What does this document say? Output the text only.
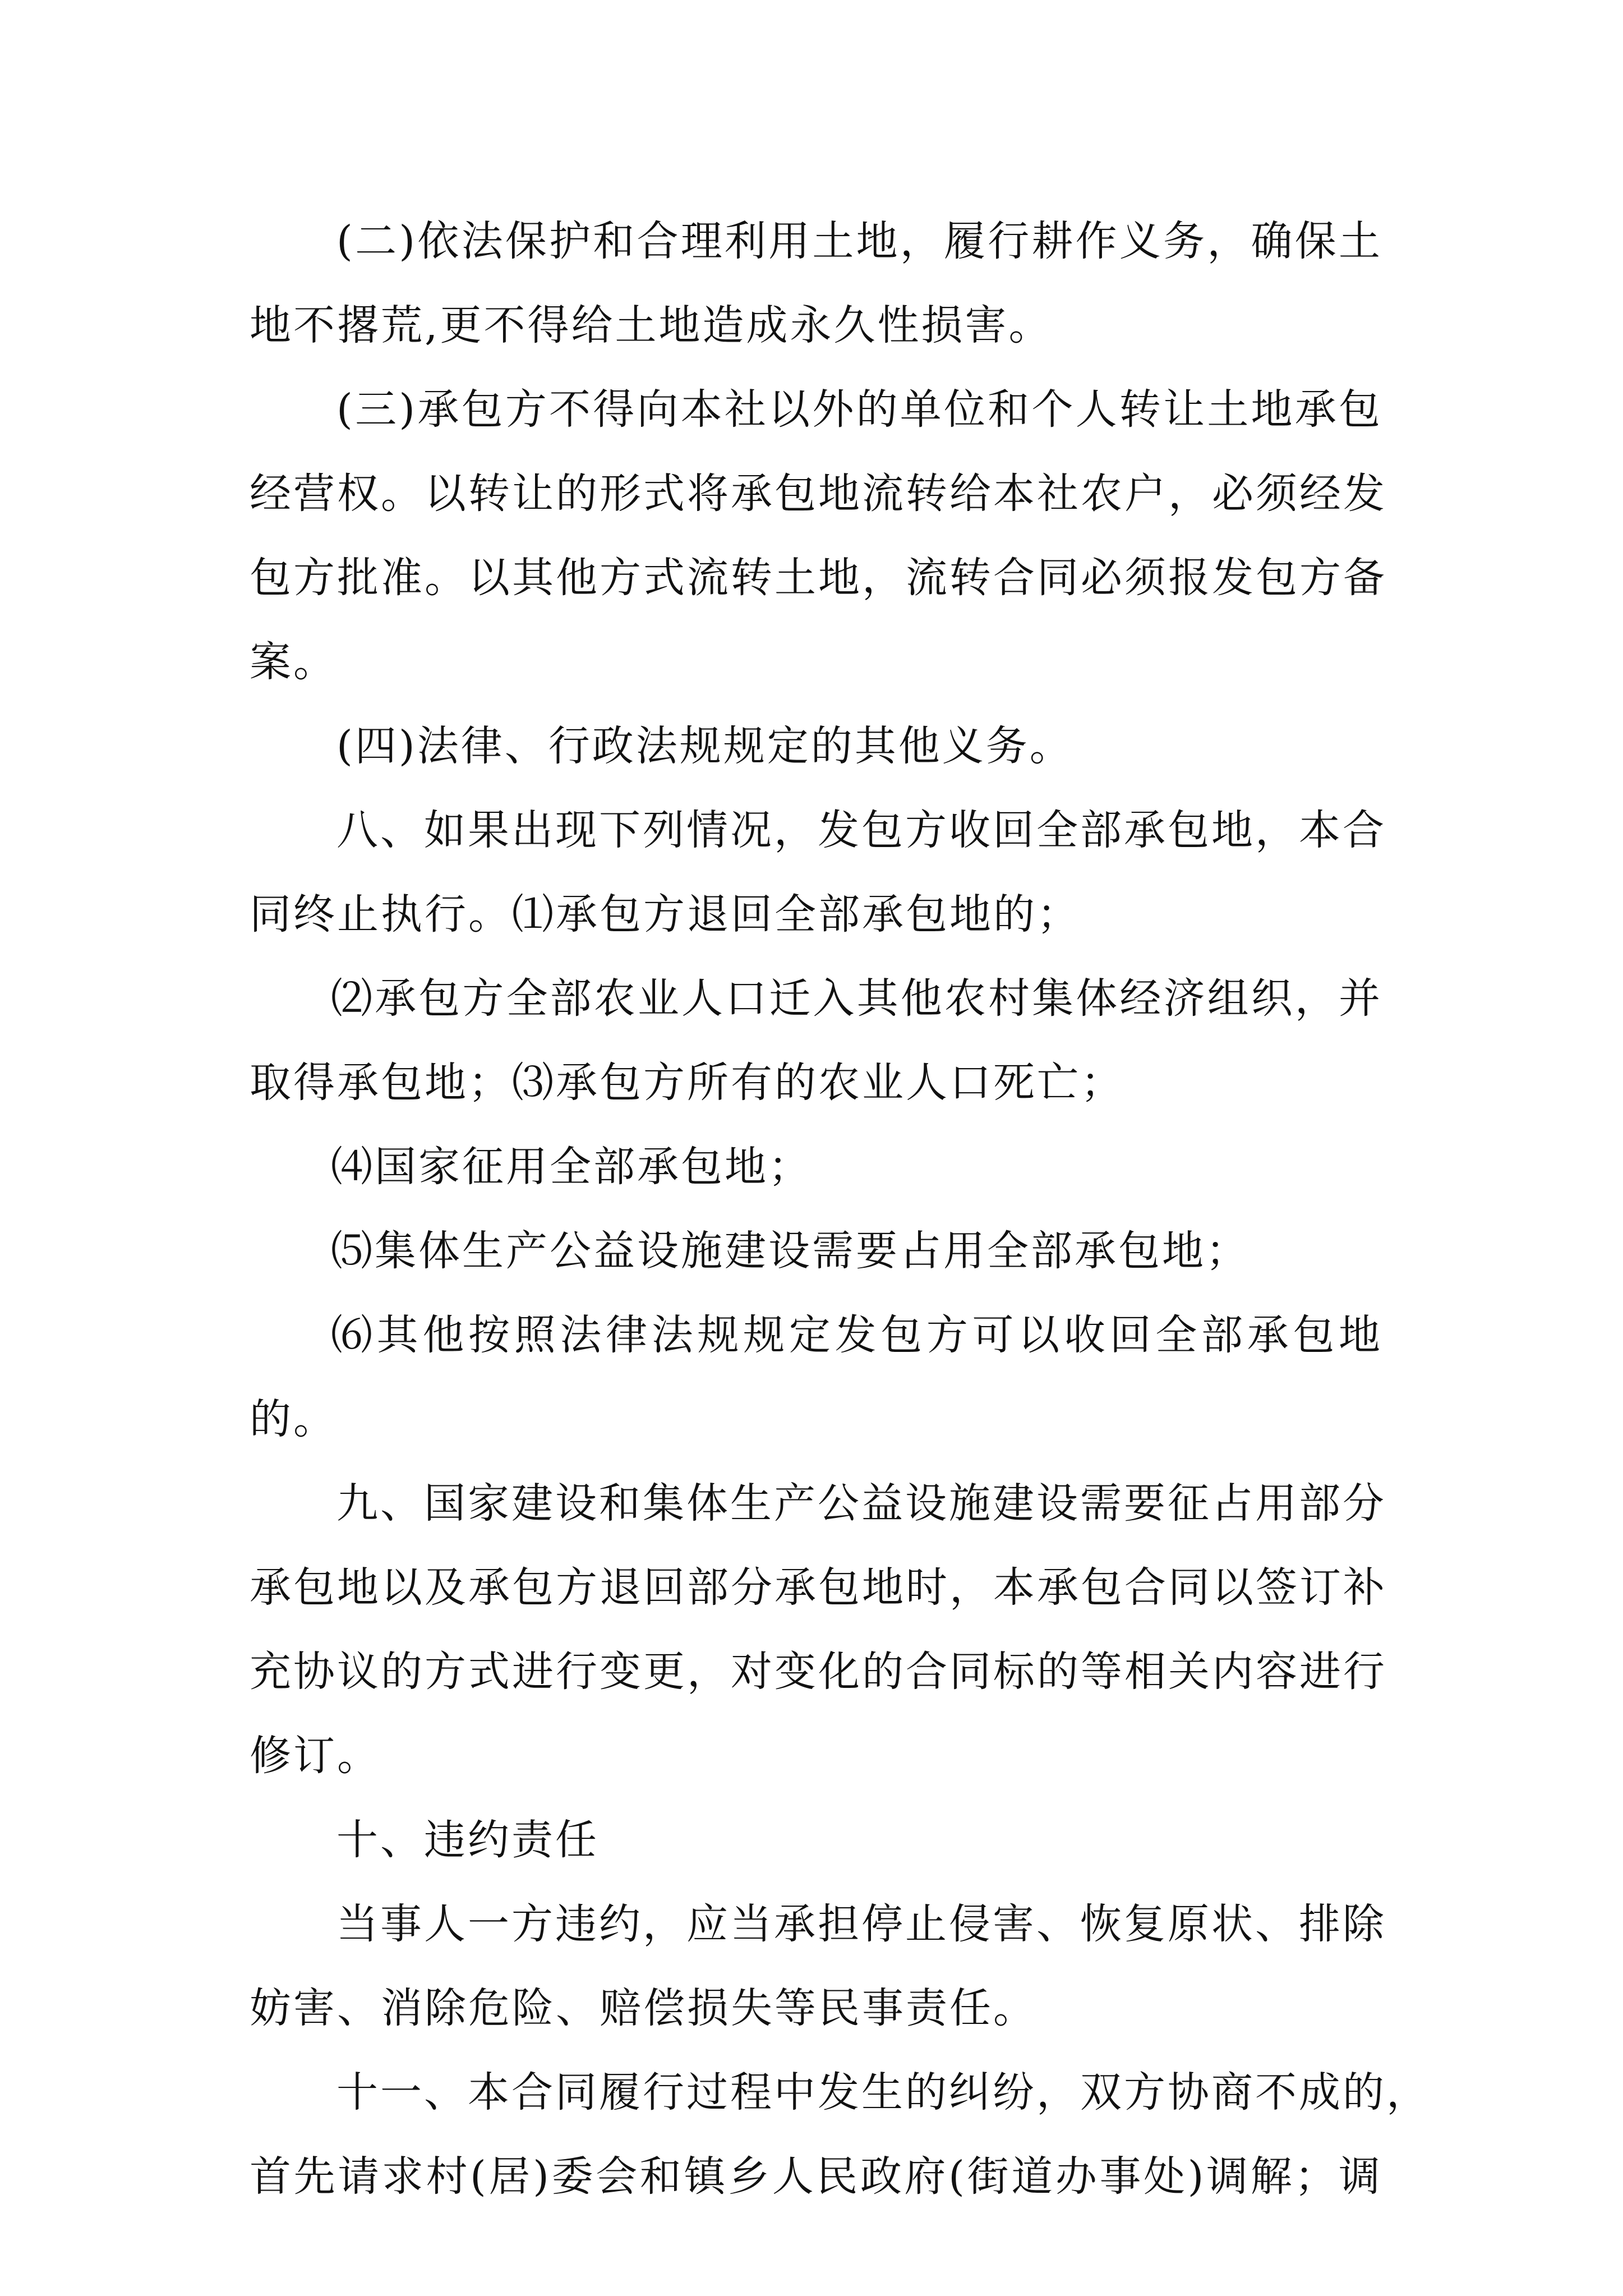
(二)依法保护和合理利用土地，履行耕作义务，确保土

地不撂荒,更不得给土地造成永久性损害。

(三)承包方不得向本社以外的单位和个人转让土地承包

经营权。以转让的形式将承包地流转给本社农户，必须经发

包方批准。以其他方式流转土地，流转合同必须报发包方备

案。

(四)法律、行政法规规定的其他义务。

八、如果出现下列情况，发包方收回全部承包地，本合

同终止执行。⑴承包方退回全部承包地的；

⑵承包方全部农业人口迁入其他农村集体经济组织，并

取得承包地；⑶承包方所有的农业人口死亡；

⑷国家征用全部承包地；

⑸集体生产公益设施建设需要占用全部承包地；

⑹其他按照法律法规规定发包方可以收回全部承包地

的。

九、国家建设和集体生产公益设施建设需要征占用部分

承包地以及承包方退回部分承包地时，本承包合同以签订补

充协议的方式进行变更，对变化的合同标的等相关内容进行

修订。

十、违约责任

当事人一方违约，应当承担停止侵害、恢复原状、排除

妨害、消除危险、赔偿损失等民事责任。

十一、本合同履行过程中发生的纠纷，双方协商不成的，

首先请求村(居)委会和镇乡人民政府(街道办事处)调解；调
